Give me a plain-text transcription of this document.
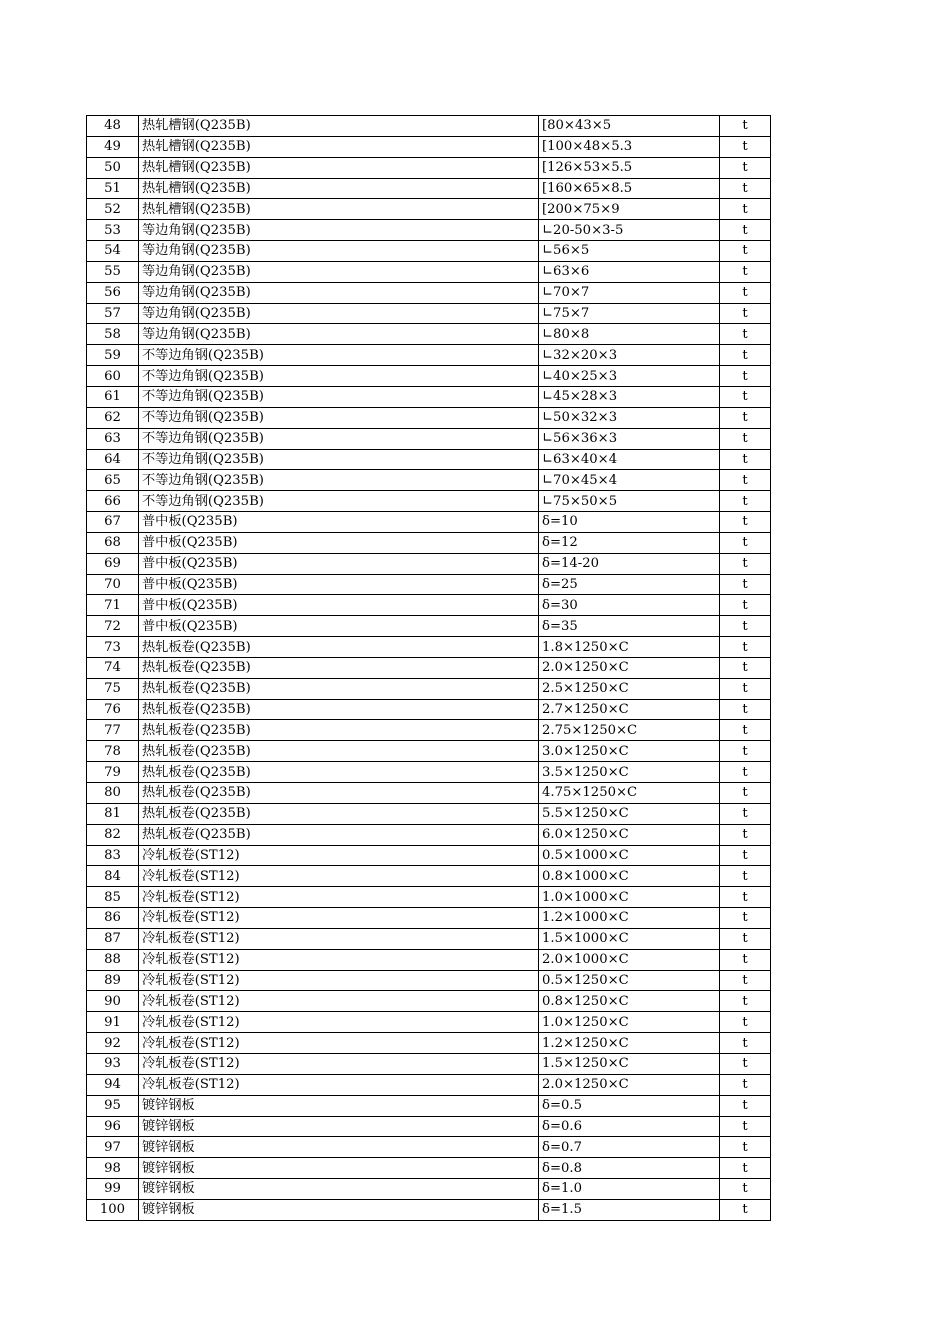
48	热轧槽钢(Q235B)	[80×43×5	t
49	热轧槽钢(Q235B)	[100×48×5.3	t
50	热轧槽钢(Q235B)	[126×53×5.5	t
51	热轧槽钢(Q235B)	[160×65×8.5	t
52	热轧槽钢(Q235B)	[200×75×9	t
53	等边角钢(Q235B)	∟20-50×3-5	t
54	等边角钢(Q235B)	∟56×5	t
55	等边角钢(Q235B)	∟63×6	t
56	等边角钢(Q235B)	∟70×7	t
57	等边角钢(Q235B)	∟75×7	t
58	等边角钢(Q235B)	∟80×8	t
59	不等边角钢(Q235B)	∟32×20×3	t
60	不等边角钢(Q235B)	∟40×25×3	t
61	不等边角钢(Q235B)	∟45×28×3	t
62	不等边角钢(Q235B)	∟50×32×3	t
63	不等边角钢(Q235B)	∟56×36×3	t
64	不等边角钢(Q235B)	∟63×40×4	t
65	不等边角钢(Q235B)	∟70×45×4	t
66	不等边角钢(Q235B)	∟75×50×5	t
67	普中板(Q235B)	δ=10	t
68	普中板(Q235B)	δ=12	t
69	普中板(Q235B)	δ=14-20	t
70	普中板(Q235B)	δ=25	t
71	普中板(Q235B)	δ=30	t
72	普中板(Q235B)	δ=35	t
73	热轧板卷(Q235B)	1.8×1250×C	t
74	热轧板卷(Q235B)	2.0×1250×C	t
75	热轧板卷(Q235B)	2.5×1250×C	t
76	热轧板卷(Q235B)	2.7×1250×C	t
77	热轧板卷(Q235B)	2.75×1250×C	t
78	热轧板卷(Q235B)	3.0×1250×C	t
79	热轧板卷(Q235B)	3.5×1250×C	t
80	热轧板卷(Q235B)	4.75×1250×C	t
81	热轧板卷(Q235B)	5.5×1250×C	t
82	热轧板卷(Q235B)	6.0×1250×C	t
83	冷轧板卷(ST12)	0.5×1000×C	t
84	冷轧板卷(ST12)	0.8×1000×C	t
85	冷轧板卷(ST12)	1.0×1000×C	t
86	冷轧板卷(ST12)	1.2×1000×C	t
87	冷轧板卷(ST12)	1.5×1000×C	t
88	冷轧板卷(ST12)	2.0×1000×C	t
89	冷轧板卷(ST12)	0.5×1250×C	t
90	冷轧板卷(ST12)	0.8×1250×C	t
91	冷轧板卷(ST12)	1.0×1250×C	t
92	冷轧板卷(ST12)	1.2×1250×C	t
93	冷轧板卷(ST12)	1.5×1250×C	t
94	冷轧板卷(ST12)	2.0×1250×C	t
95	镀锌钢板	δ=0.5	t
96	镀锌钢板	δ=0.6	t
97	镀锌钢板	δ=0.7	t
98	镀锌钢板	δ=0.8	t
99	镀锌钢板	δ=1.0	t
100	镀锌钢板	δ=1.5	t
